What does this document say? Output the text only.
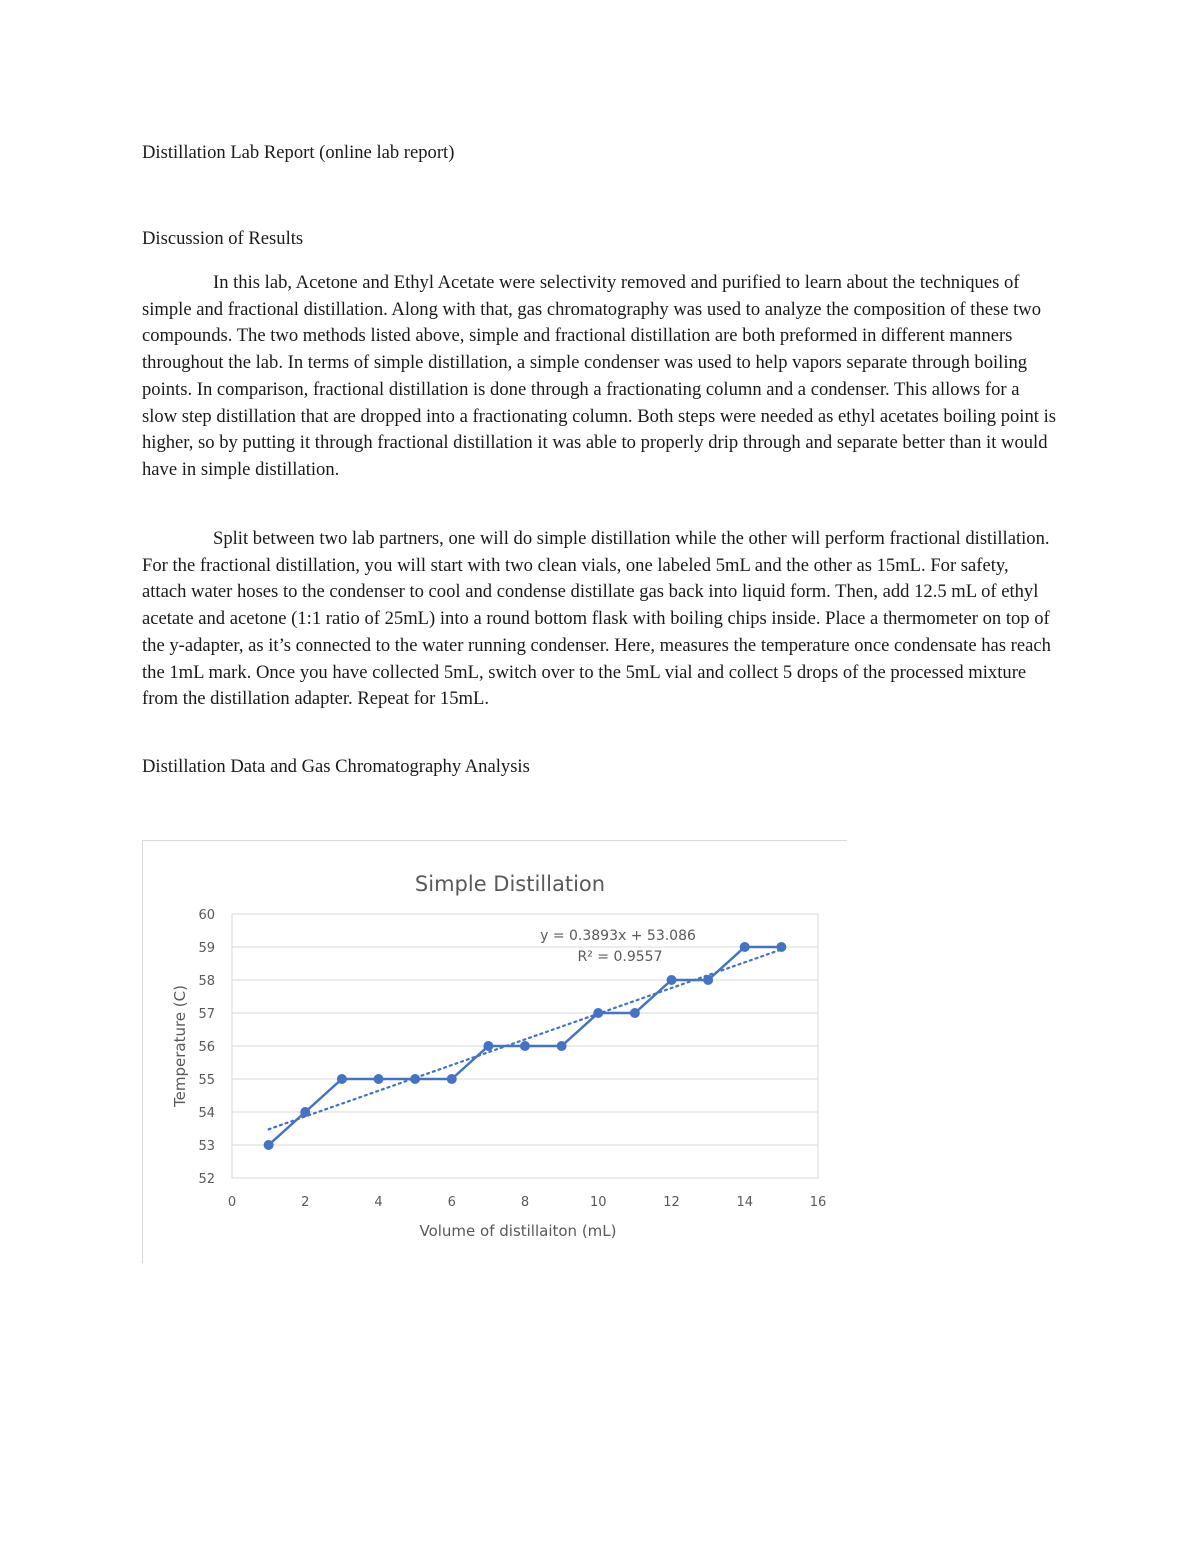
Distillation Lab Report (online lab report)
Discussion of Results

In this lab, Acetone and Ethyl Acetate were selectivity removed and purified to learn about the techniques of simple and fractional distillation. Along with that, gas chromatography was used to analyze the composition of these two compounds. The two methods listed above, simple and fractional distillation are both preformed in different manners throughout the lab. In terms of simple distillation, a simple condenser was used to help vapors separate through boiling points. In comparison, fractional distillation is done through a fractionating column and a condenser. This allows for a slow step distillation that are dropped into a fractionating column. Both steps were needed as ethyl acetates boiling point is higher, so by putting it through fractional distillation it was able to properly drip through and separate better than it would have in simple distillation.

Split between two lab partners, one will do simple distillation while the other will perform fractional distillation. For the fractional distillation, you will start with two clean vials, one labeled 5mL and the other as 15mL. For safety, attach water hoses to the condenser to cool and condense distillate gas back into liquid form. Then, add 12.5 mL of ethyl acetate and acetone (1:1 ratio of 25mL) into a round bottom flask with boiling chips inside. Place a thermometer on top of the y-adapter, as it’s connected to the water running condenser. Here, measures the temperature once condensate has reach the 1mL mark. Once you have collected 5mL, switch over to the 5mL vial and collect 5 drops of the processed mixture from the distillation adapter. Repeat for 15mL.

Distillation Data and Gas Chromatography Analysis
52
53
54
55
56
57
58
59
60
0	2	4	6	8	10	12	14	16
Simple Distillation
Volume of distillaiton (mL)
Temperature (C)
y = 0.3893x + 53.086
R² = 0.9557
